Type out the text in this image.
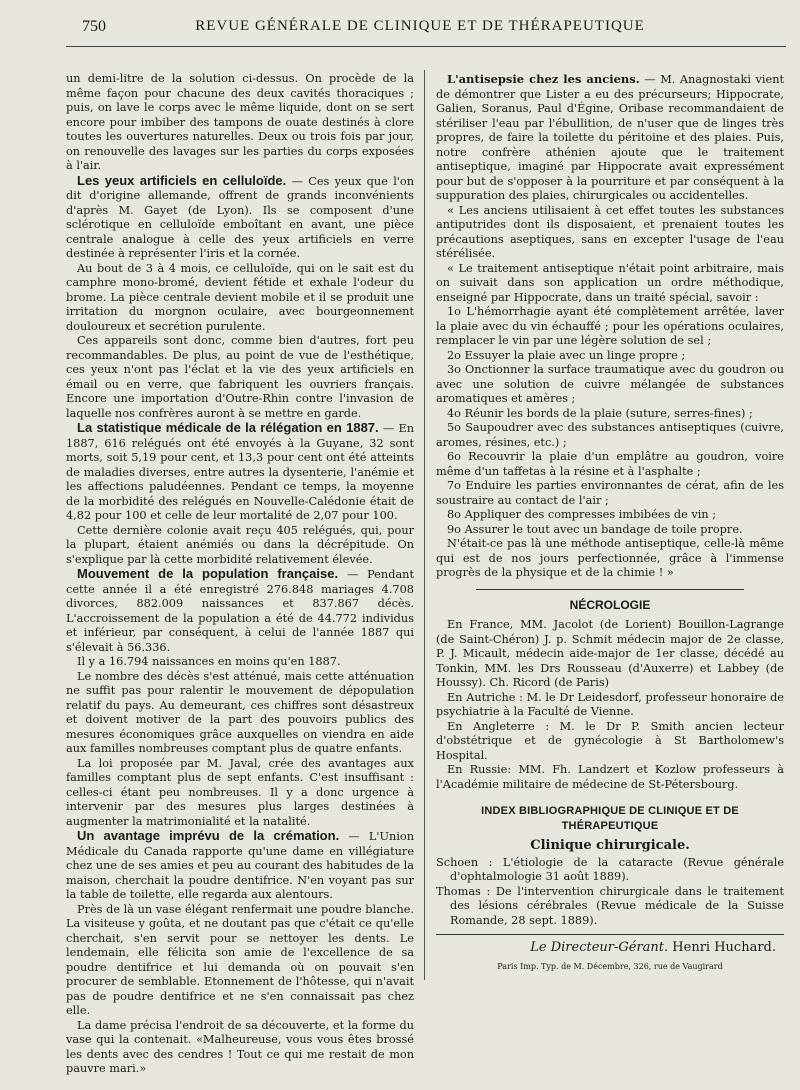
750	REVUE GÉNÉRALE DE CLINIQUE ET DE THÉRAPEUTIQUE

un demi-litre de la solution ci-dessus. On procède de la même façon pour chacune des deux cavités thoraciques ; puis, on lave le corps avec le même liquide, dont on se sert encore pour imbiber des tampons de ouate destinés à clore toutes les ouvertures naturelles. Deux ou trois fois par jour, on renouvelle des lavages sur les parties du corps exposées à l'air.

Les yeux artificiels en celluloïde. — Ces yeux que l'on dit d'origine allemande, offrent de grands inconvénients d'après M. Gayet (de Lyon). Ils se composent d'une sclérotique en celluloïde emboîtant en avant, une pièce centrale analogue à celle des yeux artificiels en verre destinée à représenter l'iris et la cornée.

Au bout de 3 à 4 mois, ce celluloïde, qui on le sait est du camphre mono-bromé, devient fétide et exhale l'odeur du brome. La pièce centrale devient mobile et il se produit une irritation du morgnon oculaire, avec bourgeonnement douloureux et secrétion purulente.

Ces appareils sont donc, comme bien d'autres, fort peu recommandables. De plus, au point de vue de l'esthétique, ces yeux n'ont pas l'éclat et la vie des yeux artificiels en émail ou en verre, que fabriquent les ouvriers français. Encore une importation d'Outre-Rhin contre l'invasion de laquelle nos confrères auront à se mettre en garde.

La statistique médicale de la rélégation en 1887. — En 1887, 616 relégués ont été envoyés à la Guyane, 32 sont morts, soit 5,19 pour cent, et 13,3 pour cent ont été atteints de maladies diverses, entre autres la dysenterie, l'anémie et les affections paludéennes. Pendant ce temps, la moyenne de la morbidité des relégués en Nouvelle-Calédonie était de 4,82 pour 100 et celle de leur mortalité de 2,07 pour 100.

Cette dernière colonie avait reçu 405 relégués, qui, pour la plupart, étaient anémiés ou dans la décrépitude. On s'explique par là cette morbidité relativement élevée.

Mouvement de la population française. — Pendant cette année il a été enregistré 276.848 mariages 4.708 divorces, 882.009 naissances et 837.867 décès. L'accroissement de la population a été de 44.772 individus et inférieur, par conséquent, à celui de l'année 1887 qui s'élevait à 56.336.

Il y a 16.794 naissances en moins qu'en 1887.

Le nombre des décès s'est atténué, mais cette atténuation ne suffit pas pour ralentir le mouvement de dépopulation relatif du pays. Au demeurant, ces chiffres sont désastreux et doivent motiver de la part des pouvoirs publics des mesures économiques grâce auxquelles on viendra en aide aux familles nombreuses comptant plus de quatre enfants.

La loi proposée par M. Javal, crée des avantages aux familles comptant plus de sept enfants. C'est insuffisant : celles-ci étant peu nombreuses. Il y a donc urgence à intervenir par des mesures plus larges destinées à augmenter la matrimonialité et la natalité.

Un avantage imprévu de la crémation. — L'Union Médicale du Canada rapporte qu'une dame en villégiature chez une de ses amies et peu au courant des habitudes de la maison, cherchait la poudre dentifrice. N'en voyant pas sur la table de toilette, elle regarda aux alentours.

Près de là un vase élégant renfermait une poudre blanche. La visiteuse y goûta, et ne doutant pas que c'était ce qu'elle cherchait, s'en servit pour se nettoyer les dents. Le lendemain, elle félicita son amie de l'excellence de sa poudre dentifrice et lui demanda où on pouvait s'en procurer de semblable. Etonnement de l'hôtesse, qui n'avait pas de poudre dentifrice et ne s'en connaissait pas chez elle.

La dame précisa l'endroit de sa découverte, et la forme du vase qui la contenait. «Malheureuse, vous vous êtes brossé les dents avec des cendres ! Tout ce qui me restait de mon pauvre mari.»

L'antisepsie chez les anciens. — M. Anagnostaki vient de démontrer que Lister a eu des précurseurs; Hippocrate, Galien, Soranus, Paul d'Égine, Oribase recommandaient de stériliser l'eau par l'ébullition, de n'user que de linges très propres, de faire la toilette du péritoine et des plaies. Puis, notre confrère athénien ajoute que le traitement antiseptique, imaginé par Hippocrate avait expressément pour but de s'opposer à la pourriture et par conséquent à la suppuration des plaies, chirurgicales ou accidentelles.

« Les anciens utilisaient à cet effet toutes les substances antiputrides dont ils disposaient, et prenaient toutes les précautions aseptiques, sans en excepter l'usage de l'eau stérélisée.

« Le traitement antiseptique n'était point arbitraire, mais on suivait dans son application un ordre méthodique, enseigné par Hippocrate, dans un traité spécial, savoir :

1o L'hémorrhagie ayant été complètement arrêtée, laver la plaie avec du vin échauffé ; pour les opérations oculaires, remplacer le vin par une légère solution de sel ;

2o Essuyer la plaie avec un linge propre ;

3o Onctionner la surface traumatique avec du goudron ou avec une solution de cuivre mélangée de substances aromatiques et amères ;

4o Réunir les bords de la plaie (suture, serres-fines) ;

5o Saupoudrer avec des substances antiseptiques (cuivre, aromes, résines, etc.) ;

6o Recouvrir la plaie d'un emplâtre au goudron, voire même d'un taffetas à la résine et à l'asphalte ;

7o Enduire les parties environnantes de cérat, afin de les soustraire au contact de l'air ;

8o Appliquer des compresses imbibées de vin ;

9o Assurer le tout avec un bandage de toile propre.

N'était-ce pas là une méthode antiseptique, celle-là même qui est de nos jours perfectionnée, grâce à l'immense progrès de la physique et de la chimie ! »

NÉCROLOGIE

En France, MM. Jacolot (de Lorient) Bouillon-Lagrange (de Saint-Chéron) J. p. Schmit médecin major de 2e classe, P. J. Micault, médecin aide-major de 1er classe, décédé au Tonkin, MM. les Drs Rousseau (d'Auxerre) et Labbey (de Houssy). Ch. Ricord (de Paris)

En Autriche : M. le Dr Leidesdorf, professeur honoraire de psychiatrie à la Faculté de Vienne.

En Angleterre : M. le Dr P. Smith ancien lecteur d'obstétrique et de gynécologie à St Bartholomew's Hospital.

En Russie: MM. Fh. Landzert et Kozlow professeurs à l'Académie militaire de médecine de St-Pétersbourg.

INDEX BIBLIOGRAPHIQUE DE CLINIQUE ET DE THÉRAPEUTIQUE
Clinique chirurgicale.

Schoen : L'étiologie de la cataracte (Revue générale d'ophtalmologie 31 août 1889).

Thomas : De l'intervention chirurgicale dans le traitement des lésions cérébrales (Revue médicale de la Suisse Romande, 28 sept. 1889).

Le Directeur-Gérant. Henri Huchard.
Paris Imp. Typ. de M. Décembre, 326, rue de Vaugirard
